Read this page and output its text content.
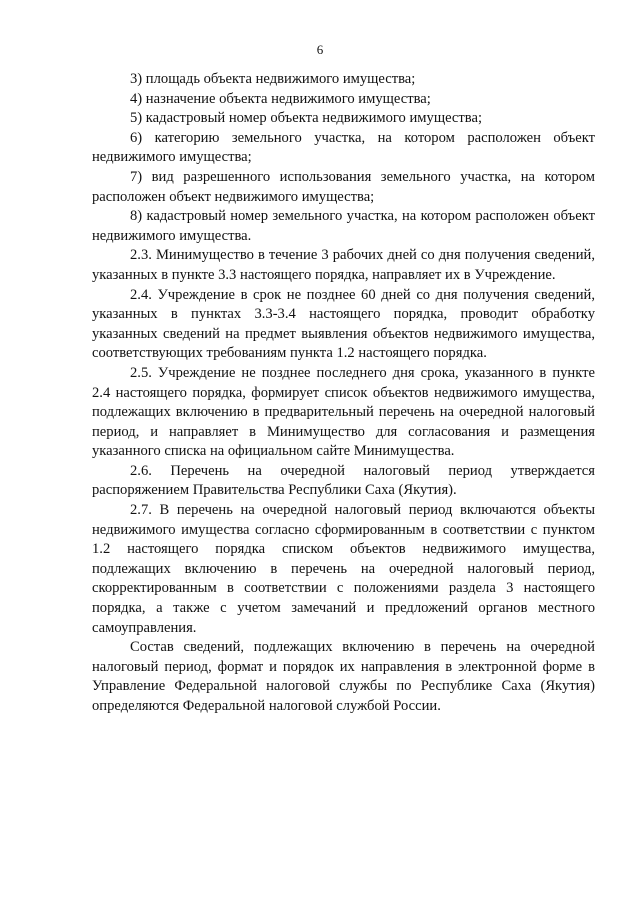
6

3) площадь объекта недвижимого имущества;

4) назначение объекта недвижимого имущества;

5) кадастровый номер объекта недвижимого имущества;

6) категорию земельного участка, на котором расположен объект недвижимого имущества;

7) вид разрешенного использования земельного участка, на котором расположен объект недвижимого имущества;

8) кадастровый номер земельного участка, на котором расположен объект недвижимого имущества.

2.3. Минимущество в течение 3 рабочих дней со дня получения сведений, указанных в пункте 3.3 настоящего порядка, направляет их в Учреждение.

2.4. Учреждение в срок не позднее 60 дней со дня получения сведений, указанных в пунктах 3.3-3.4 настоящего порядка, проводит обработку указанных сведений на предмет выявления объектов недвижимого имущества, соответствующих требованиям пункта 1.2 настоящего порядка.

2.5. Учреждение не позднее последнего дня срока, указанного в пункте 2.4 настоящего порядка, формирует список объектов недвижимого имущества, подлежащих включению в предварительный перечень на очередной налоговый период, и направляет в Минимущество для согласования и размещения указанного списка на официальном сайте Минимущества.

2.6. Перечень на очередной налоговый период утверждается распоряжением Правительства Республики Саха (Якутия).

2.7. В перечень на очередной налоговый период включаются объекты недвижимого имущества согласно сформированным в соответствии с пунктом 1.2 настоящего порядка списком объектов недвижимого имущества, подлежащих включению в перечень на очередной налоговый период, скорректированным в соответствии с положениями раздела 3 настоящего порядка, а также с учетом замечаний и предложений органов местного самоуправления.

Состав сведений, подлежащих включению в перечень на очередной налоговый период, формат и порядок их направления в электронной форме в Управление Федеральной налоговой службы по Республике Саха (Якутия) определяются Федеральной налоговой службой России.
